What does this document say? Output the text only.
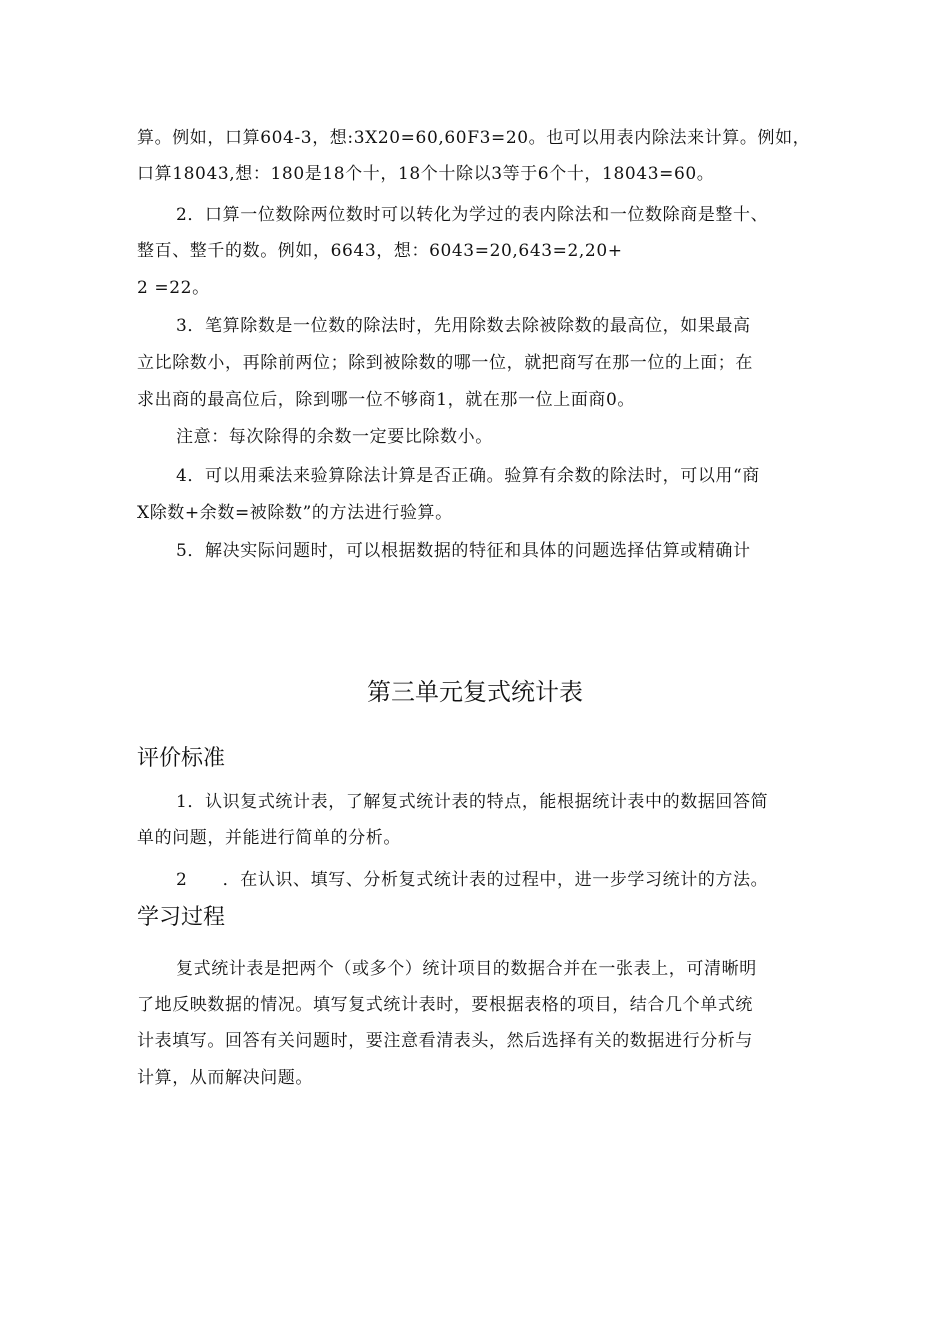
算。例如，口算604-3，想:3X20=60,60F3=20。也可以用表内除法来计算。例如，
口算18043,想：180是18个十，18个十除以3等于6个十，18043=60。
2．口算一位数除两位数时可以转化为学过的表内除法和一位数除商是整十、
整百、整千的数。例如，6643，想：6043=20,643=2,20+
2 =22。
3．笔算除数是一位数的除法时，先用除数去除被除数的最高位，如果最高
立比除数小，再除前两位；除到被除数的哪一位，就把商写在那一位的上面；在
求出商的最高位后，除到哪一位不够商1，就在那一位上面商0。
注意：每次除得的余数一定要比除数小。
4．可以用乘法来验算除法计算是否正确。验算有余数的除法时，可以用“商
X除数+余数=被除数”的方法进行验算。
5．解决实际问题时，可以根据数据的特征和具体的问题选择估算或精确计
第三单元复式统计表
评价标准
1．认识复式统计表，了解复式统计表的特点，能根据统计表中的数据回答简
单的问题，并能进行简单的分析。
2　　．在认识、填写、分析复式统计表的过程中，进一步学习统计的方法。
学习过程
复式统计表是把两个（或多个）统计项目的数据合并在一张表上，可清晰明
了地反映数据的情况。填写复式统计表时，要根据表格的项目，结合几个单式统
计表填写。回答有关问题时，要注意看清表头，然后选择有关的数据进行分析与
计算，从而解决问题。
